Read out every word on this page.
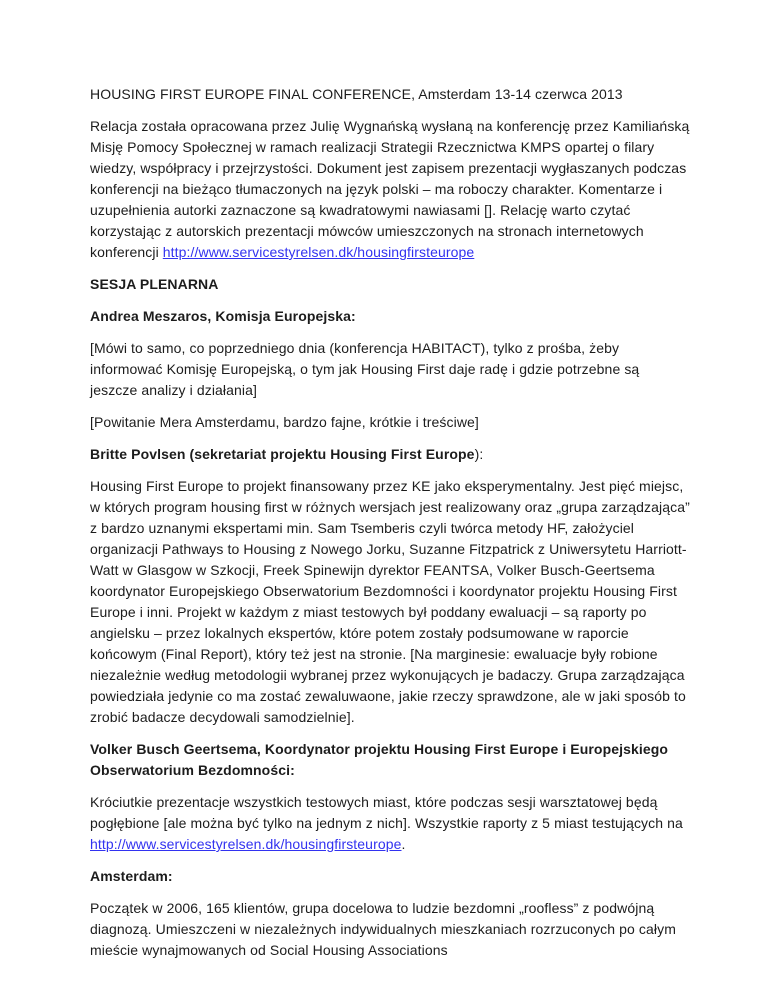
HOUSING FIRST EUROPE FINAL CONFERENCE, Amsterdam 13-14 czerwca 2013

Relacja została opracowana przez Julię Wygnańską wysłaną na konferencję przez Kamiliańską Misję Pomocy Społecznej w ramach realizacji Strategii Rzecznictwa KMPS opartej o filary wiedzy, współpracy i przejrzystości. Dokument jest zapisem prezentacji wygłaszanych podczas konferencji na bieżąco tłumaczonych na język polski – ma roboczy charakter. Komentarze i uzupełnienia autorki zaznaczone są kwadratowymi nawiasami []. Relację warto czytać korzystając z autorskich prezentacji mówców umieszczonych na stronach internetowych konferencji http://www.servicestyrelsen.dk/housingfirsteurope

SESJA PLENARNA

Andrea Meszaros, Komisja Europejska:

[Mówi to samo, co poprzedniego dnia (konferencja HABITACT), tylko z prośba, żeby informować Komisję Europejską, o tym jak Housing First daje radę i gdzie potrzebne są jeszcze analizy i działania]

[Powitanie Mera Amsterdamu, bardzo fajne, krótkie i treściwe]

Britte Povlsen (sekretariat projektu Housing First Europe):

Housing First Europe to projekt finansowany przez KE jako eksperymentalny. Jest pięć miejsc, w których program housing first w różnych wersjach jest realizowany oraz „grupa zarządzająca” z bardzo uznanymi ekspertami min. Sam Tsemberis czyli twórca metody HF, założyciel organizacji Pathways to Housing z Nowego Jorku, Suzanne Fitzpatrick z Uniwersytetu Harriott-Watt w Glasgow w Szkocji, Freek Spinewijn dyrektor FEANTSA, Volker Busch-Geertsema koordynator Europejskiego Obserwatorium Bezdomności i koordynator projektu Housing First Europe i inni. Projekt w każdym z miast testowych był poddany ewaluacji – są raporty po angielsku – przez lokalnych ekspertów, które potem zostały podsumowane w raporcie końcowym (Final Report), który też jest na stronie. [Na marginesie: ewaluacje były robione niezależnie według metodologii wybranej przez wykonujących je badaczy. Grupa zarządzająca powiedziała jedynie co ma zostać zewaluwaone, jakie rzeczy sprawdzone, ale w jaki sposób to zrobić badacze decydowali samodzielnie].

Volker Busch Geertsema, Koordynator projektu Housing First Europe i Europejskiego Obserwatorium Bezdomności:

Króciutkie prezentacje wszystkich testowych miast, które podczas sesji warsztatowej będą pogłębione [ale można być tylko na jednym z nich]. Wszystkie raporty z 5 miast testujących na http://www.servicestyrelsen.dk/housingfirsteurope.

Amsterdam:

Początek w 2006, 165 klientów, grupa docelowa to ludzie bezdomni „roofless” z podwójną diagnozą. Umieszczeni w niezależnych indywidualnych mieszkaniach rozrzuconych po całym mieście wynajmowanych od Social Housing Associations
